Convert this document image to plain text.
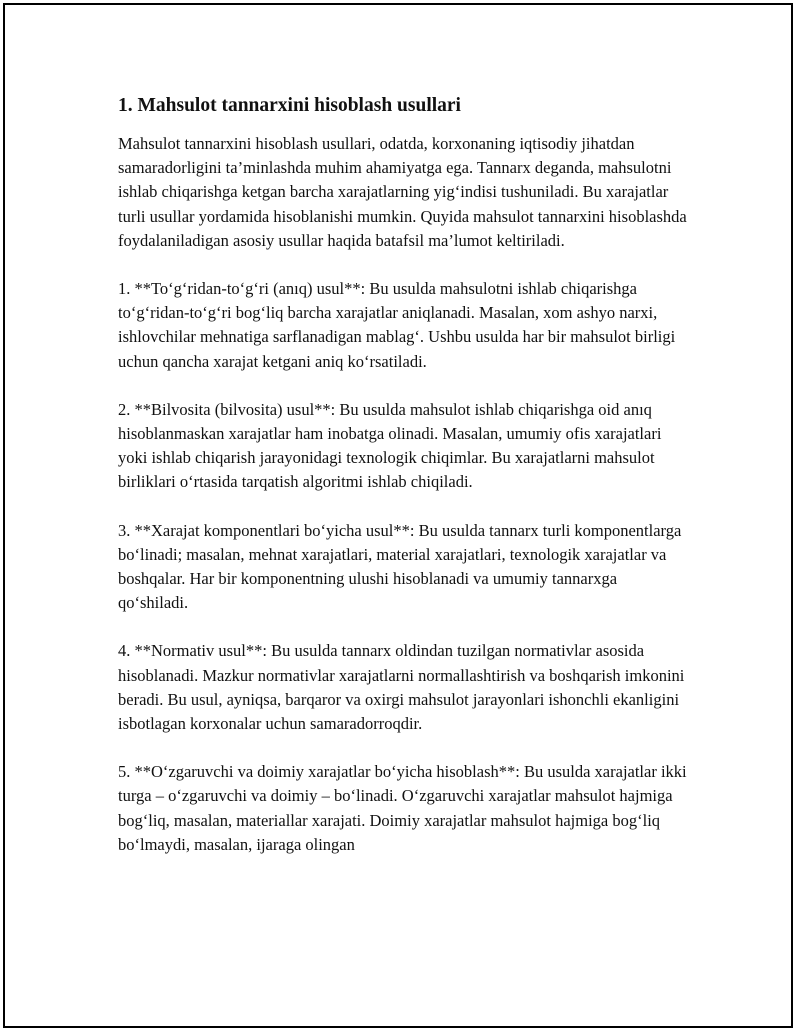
1. Mahsulot tannarxini hisoblash usullari

Mahsulot tannarxini hisoblash usullari, odatda, korxonaning iqtisodiy jihatdan samaradorligini ta’minlashda muhim ahamiyatga ega. Tannarx deganda, mahsulotni ishlab chiqarishga ketgan barcha xarajatlarning yig‘indisi tushuniladi. Bu xarajatlar turli usullar yordamida hisoblanishi mumkin. Quyida mahsulot tannarxini hisoblashda foydalaniladigan asosiy usullar haqida batafsil ma’lumot keltiriladi.

1. **To‘g‘ridan-to‘g‘ri (anıq) usul**: Bu usulda mahsulotni ishlab chiqarishga to‘g‘ridan-to‘g‘ri bog‘liq barcha xarajatlar aniqlanadi. Masalan, xom ashyo narxi, ishlovchilar mehnatiga sarflanadigan mablag‘. Ushbu usulda har bir mahsulot birligi uchun qancha xarajat ketgani aniq ko‘rsatiladi.

2. **Bilvosita (bilvosita) usul**: Bu usulda mahsulot ishlab chiqarishga oid anıq hisoblanmaskan xarajatlar ham inobatga olinadi. Masalan, umumiy ofis xarajatlari yoki ishlab chiqarish jarayonidagi texnologik chiqimlar. Bu xarajatlarni mahsulot birliklari o‘rtasida tarqatish algoritmi ishlab chiqiladi.

3. **Xarajat komponentlari bo‘yicha usul**: Bu usulda tannarx turli komponentlarga bo‘linadi; masalan, mehnat xarajatlari, material xarajatlari, texnologik xarajatlar va boshqalar. Har bir komponentning ulushi hisoblanadi va umumiy tannarxga qo‘shiladi.

4. **Normativ usul**: Bu usulda tannarx oldindan tuzilgan normativlar asosida hisoblanadi. Mazkur normativlar xarajatlarni normallashtirish va boshqarish imkonini beradi. Bu usul, ayniqsa, barqaror va oxirgi mahsulot jarayonlari ishonchli ekanligini isbotlagan korxonalar uchun samaradorroqdir.

5. **O‘zgaruvchi va doimiy xarajatlar bo‘yicha hisoblash**: Bu usulda xarajatlar ikki turga – o‘zgaruvchi va doimiy – bo‘linadi. O‘zgaruvchi xarajatlar mahsulot hajmiga bog‘liq, masalan, materiallar xarajati. Doimiy xarajatlar mahsulot hajmiga bog‘liq bo‘lmaydi, masalan, ijaraga olingan
